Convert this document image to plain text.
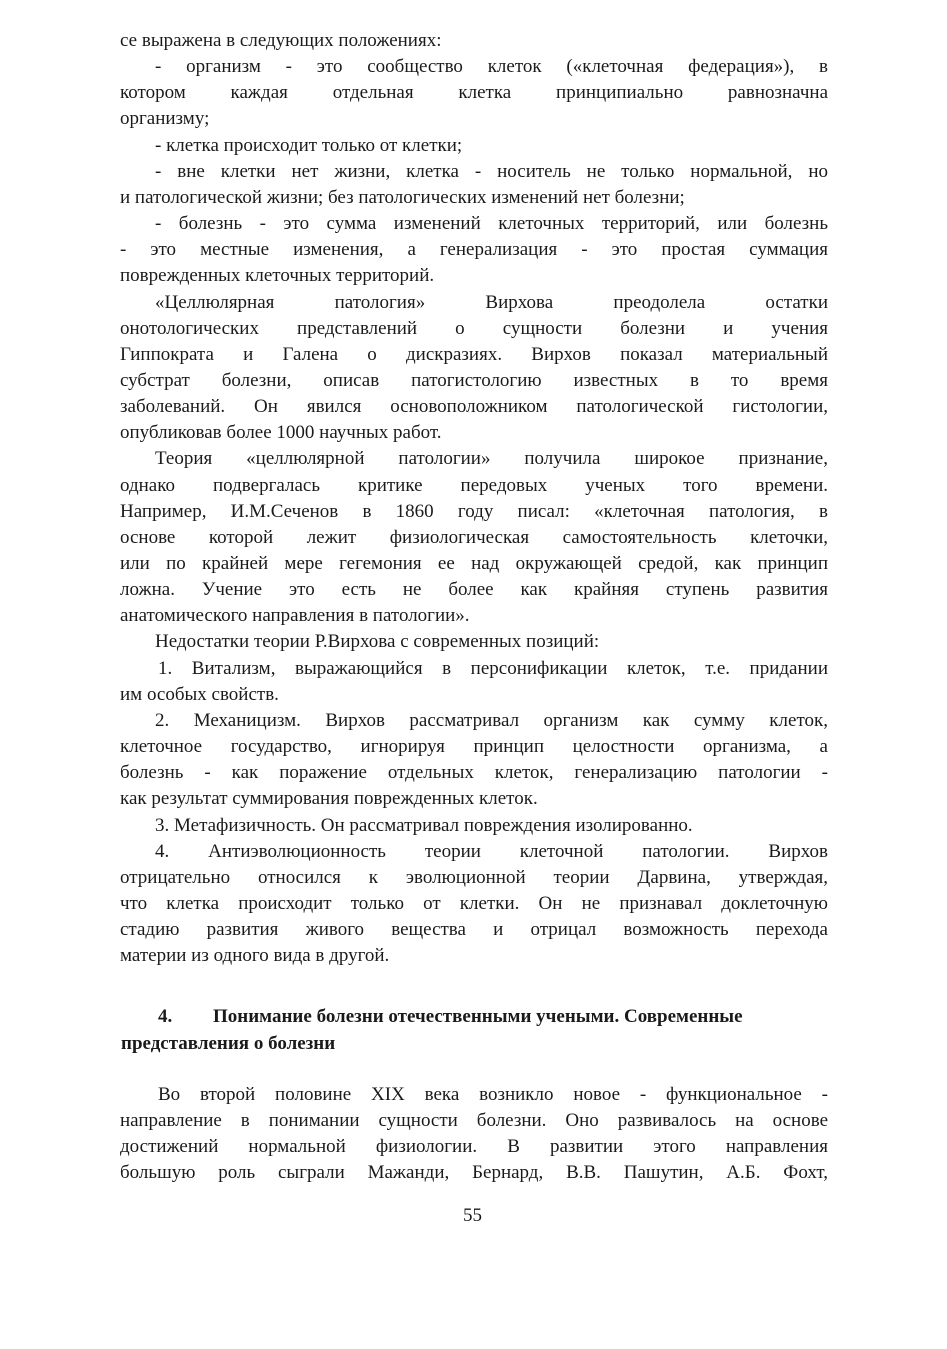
се выражена в следующих положениях:
- организм - это сообщество клеток («клеточная федерация»), в
котором каждая отдельная клетка принципиально равнозначна
организму;
- клетка происходит только от клетки;
- вне клетки нет жизни, клетка - носитель не только нормальной, но
и патологической жизни; без патологических изменений нет болезни;
- болезнь - это сумма изменений клеточных территорий, или болезнь
- это местные изменения, а генерализация - это простая суммация
поврежденных клеточных территорий.
«Целлюлярная патология» Вирхова преодолела остатки
онотологических представлений о сущности болезни и учения
Гиппократа и Галена о дискразиях. Вирхов показал материальный
субстрат болезни, описав патогистологию известных в то время
заболеваний. Он явился основоположником патологической гистологии,
опубликовав более 1000 научных работ.
Теория «целлюлярной патологии» получила широкое признание,
однако подвергалась критике передовых ученых того времени.
Например, И.М.Сеченов в 1860 году писал: «клеточная патология, в
основе которой лежит физиологическая самостоятельность клеточки,
или по крайней мере гегемония ее над окружающей средой, как принцип
ложна. Учение это есть не более как крайняя ступень развития
анатомического направления в патологии».
Недостатки теории Р.Вирхова с современных позиций:
1. Витализм, выражающийся в персонификации клеток, т.е. придании
им особых свойств.
2. Механицизм. Вирхов рассматривал организм как сумму клеток,
клеточное государство, игнорируя принцип целостности организма, а
болезнь - как поражение отдельных клеток, генерализацию патологии -
как результат суммирования поврежденных клеток.
3. Метафизичность. Он рассматривал повреждения изолированно.
4. Антиэволюционность теории клеточной патологии. Вирхов
отрицательно относился к эволюционной теории Дарвина, утверждая,
что клетка происходит только от клетки. Он не признавал доклеточную
стадию развития живого вещества и отрицал возможность перехода
материи из одного вида в другой.
Во второй половине XIX века возникло новое - функциональное -
направление в понимании сущности болезни. Оно развивалось на основе
достижений нормальной физиологии. В развитии этого направления
большую роль сыграли Мажанди, Бернард, В.В. Пашутин, А.Б. Фохт,
4. Понимание болезни отечественными учеными. Современные
представления о болезни
55
